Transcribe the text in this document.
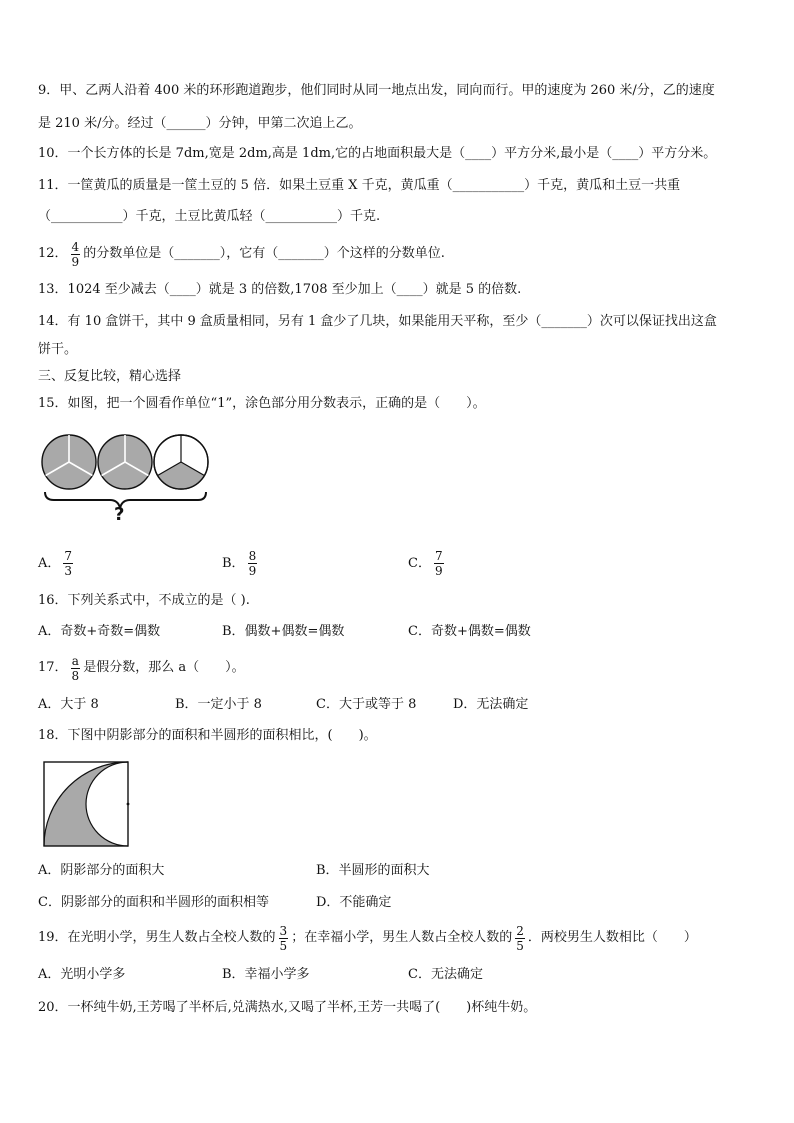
9．甲、乙两人沿着 400 米的环形跑道跑步，他们同时从同一地点出发，同向而行。甲的速度为 260 米/分，乙的速度
是 210 米/分。经过（______）分钟，甲第二次追上乙。
10．一个长方体的长是 7dm,宽是 2dm,高是 1dm,它的占地面积最大是（____）平方分米,最小是（____）平方分米。
11．一筐黄瓜的质量是一筐土豆的 5 倍．如果土豆重 X 千克，黄瓜重（___________）千克，黄瓜和土豆一共重
（___________）千克，土豆比黄瓜轻（___________）千克.
12． $\frac{4}{9}$ 的分数单位是（_______），它有（_______）个这样的分数单位.
13．1024 至少减去（____）就是 3 的倍数,1708 至少加上（____）就是 5 的倍数.
14．有 10 盒饼干，其中 9 盒质量相同，另有 1 盒少了几块，如果能用天平称，至少（_______）次可以保证找出这盒
饼干。
三、反复比较，精心选择
15．如图，把一个圆看作单位“1”，涂色部分用分数表示，正确的是（　　）。
?
A． $\frac{7}{3}$	B． $\frac{8}{9}$	C． $\frac{7}{9}$
16．下列关系式中，不成立的是（ ).
A．奇数+奇数=偶数	B．偶数+偶数=偶数	C．奇数+偶数=偶数
17． $\frac{a}{8}$ 是假分数，那么 a（　　）。
A．大于 8	B．一定小于 8	C．大于或等于 8	D．无法确定
18．下图中阴影部分的面积和半圆形的面积相比，(　　)。
A．阴影部分的面积大	B．半圆形的面积大
C．阴影部分的面积和半圆形的面积相等	D．不能确定
19．在光明小学，男生人数占全校人数的 $\frac{3}{5}$ ；在幸福小学，男生人数占全校人数的 $\frac{2}{5}$ ．两校男生人数相比（　　）
A．光明小学多	B．幸福小学多	C．无法确定
20．一杯纯牛奶,王芳喝了半杯后,兑满热水,又喝了半杯,王芳一共喝了(　　)杯纯牛奶。
